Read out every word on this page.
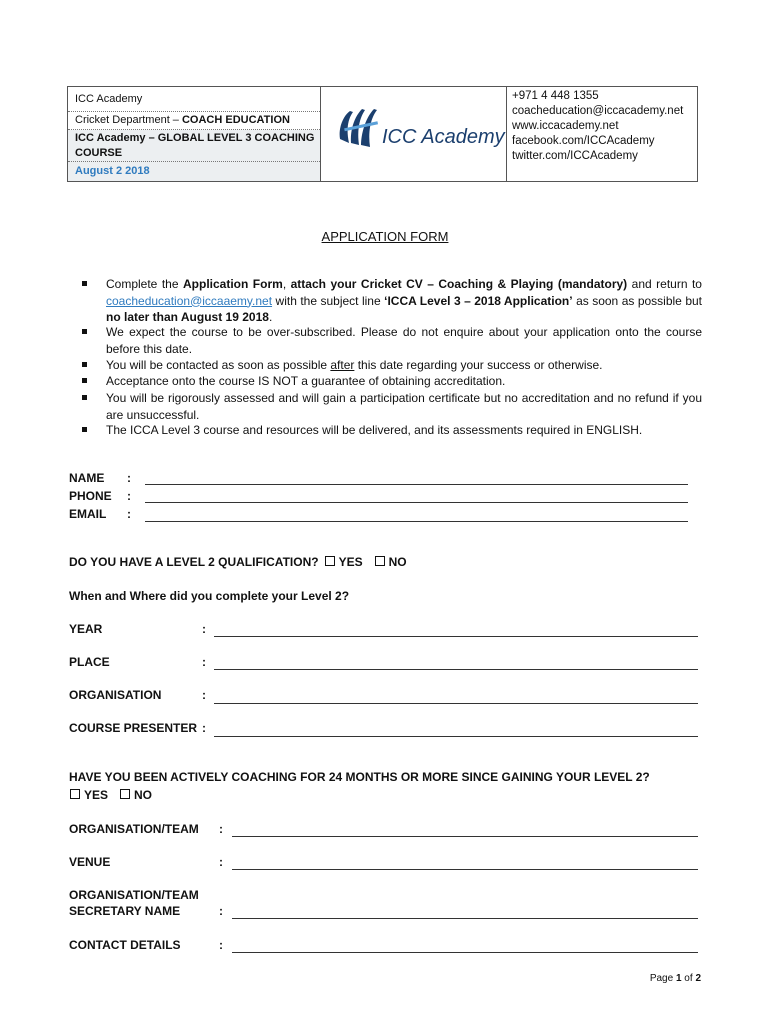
ICC Academy
Cricket Department – COACH EDUCATION
ICC Academy – GLOBAL LEVEL 3 COACHING COURSE
August 2 2018
ICC Academy
+971 4 448 1355
coacheducation@iccacademy.net
www.iccacademy.net
facebook.com/ICCAcademy
twitter.com/ICCAcademy
APPLICATION FORM
Complete the Application Form, attach your Cricket CV – Coaching & Playing (mandatory) and return to coacheducation@iccaaemy.net with the subject line ‘ICCA Level 3 – 2018 Application’ as soon as possible but no later than August 19 2018.
We expect the course to be over-subscribed. Please do not enquire about your application onto the course before this date.
You will be contacted as soon as possible after this date regarding your success or otherwise.
Acceptance onto the course IS NOT a guarantee of obtaining accreditation.
You will be rigorously assessed and will gain a participation certificate but no accreditation and no refund if you are unsuccessful.
The ICCA Level 3 course and resources will be delivered, and its assessments required in ENGLISH.
NAME :
PHONE :
EMAIL :
DO YOU HAVE A LEVEL 2 QUALIFICATION? YES NO
When and Where did you complete your Level 2?
YEAR	:
PLACE	:
ORGANISATION	:
COURSE PRESENTER :
HAVE YOU BEEN ACTIVELY COACHING FOR 24 MONTHS OR MORE SINCE GAINING YOUR LEVEL 2?
YES NO
ORGANISATION/TEAM :
VENUE	:
ORGANISATION/TEAM
SECRETARY NAME	:
CONTACT DETAILS	:
Page 1 of 2
